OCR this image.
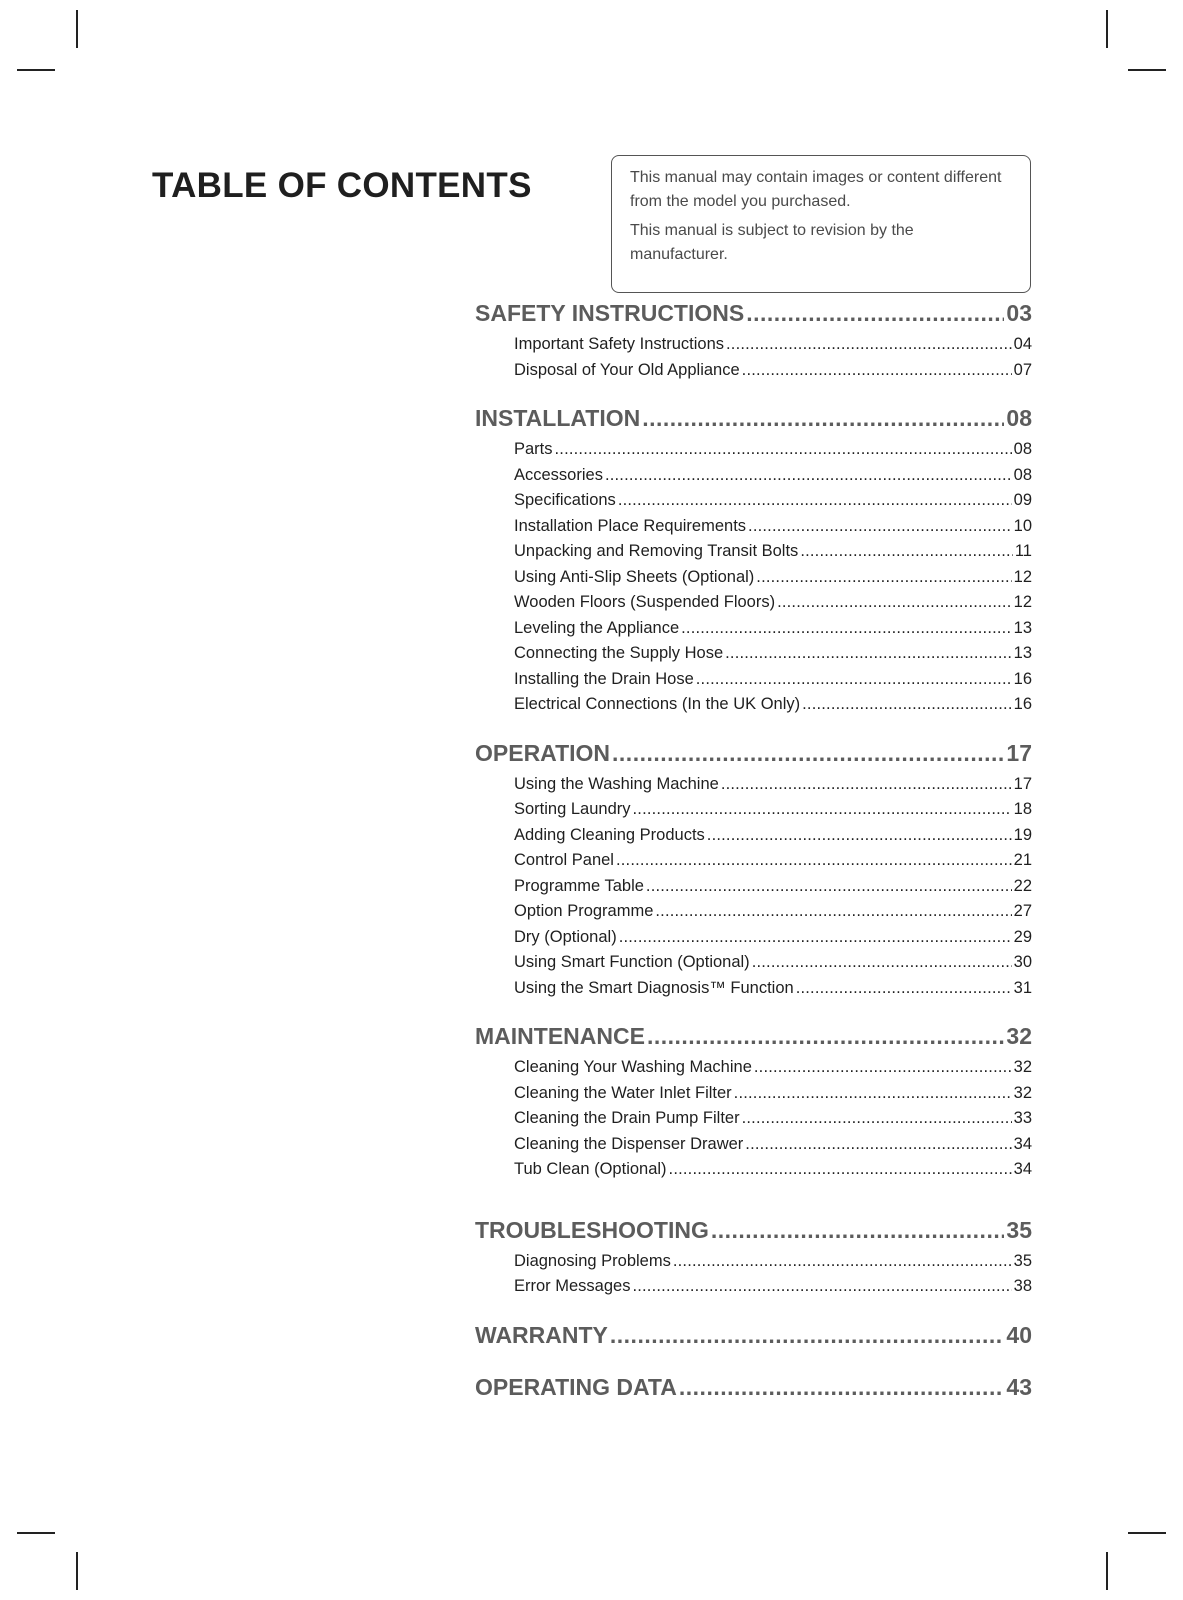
TABLE OF CONTENTS	This manual may contain images or content different from the model you purchased.

This manual is subject to revision by the manufacturer.

SAFETY INSTRUCTIONS .....	03
Important Safety Instructions .....	04
Disposal of Your Old Appliance .....	07
INSTALLATION .....	08
Parts .....	08
Accessories .....	08
Specifications .....	09
Installation Place Requirements .....	10
Unpacking and Removing Transit Bolts .....	11
Using Anti-Slip Sheets (Optional) .....	12
Wooden Floors (Suspended Floors) .....	12
Leveling the Appliance .....	13
Connecting the Supply Hose .....	13
Installing the Drain Hose .....	16
Electrical Connections (In the UK Only) .....	16
OPERATION .....	17
Using the Washing Machine .....	17
Sorting Laundry .....	18
Adding Cleaning Products .....	19
Control Panel .....	21
Programme Table .....	22
Option Programme .....	27
Dry (Optional) .....	29
Using Smart Function (Optional) .....	30
Using the Smart Diagnosis™ Function .....	31
MAINTENANCE .....	32
Cleaning Your Washing Machine .....	32
Cleaning the Water Inlet Filter .....	32
Cleaning the Drain Pump Filter .....	33
Cleaning the Dispenser Drawer .....	34
Tub Clean (Optional) .....	34
TROUBLESHOOTING .....	35
Diagnosing Problems .....	35
Error Messages .....	38
WARRANTY .....	40
OPERATING DATA .....	43
